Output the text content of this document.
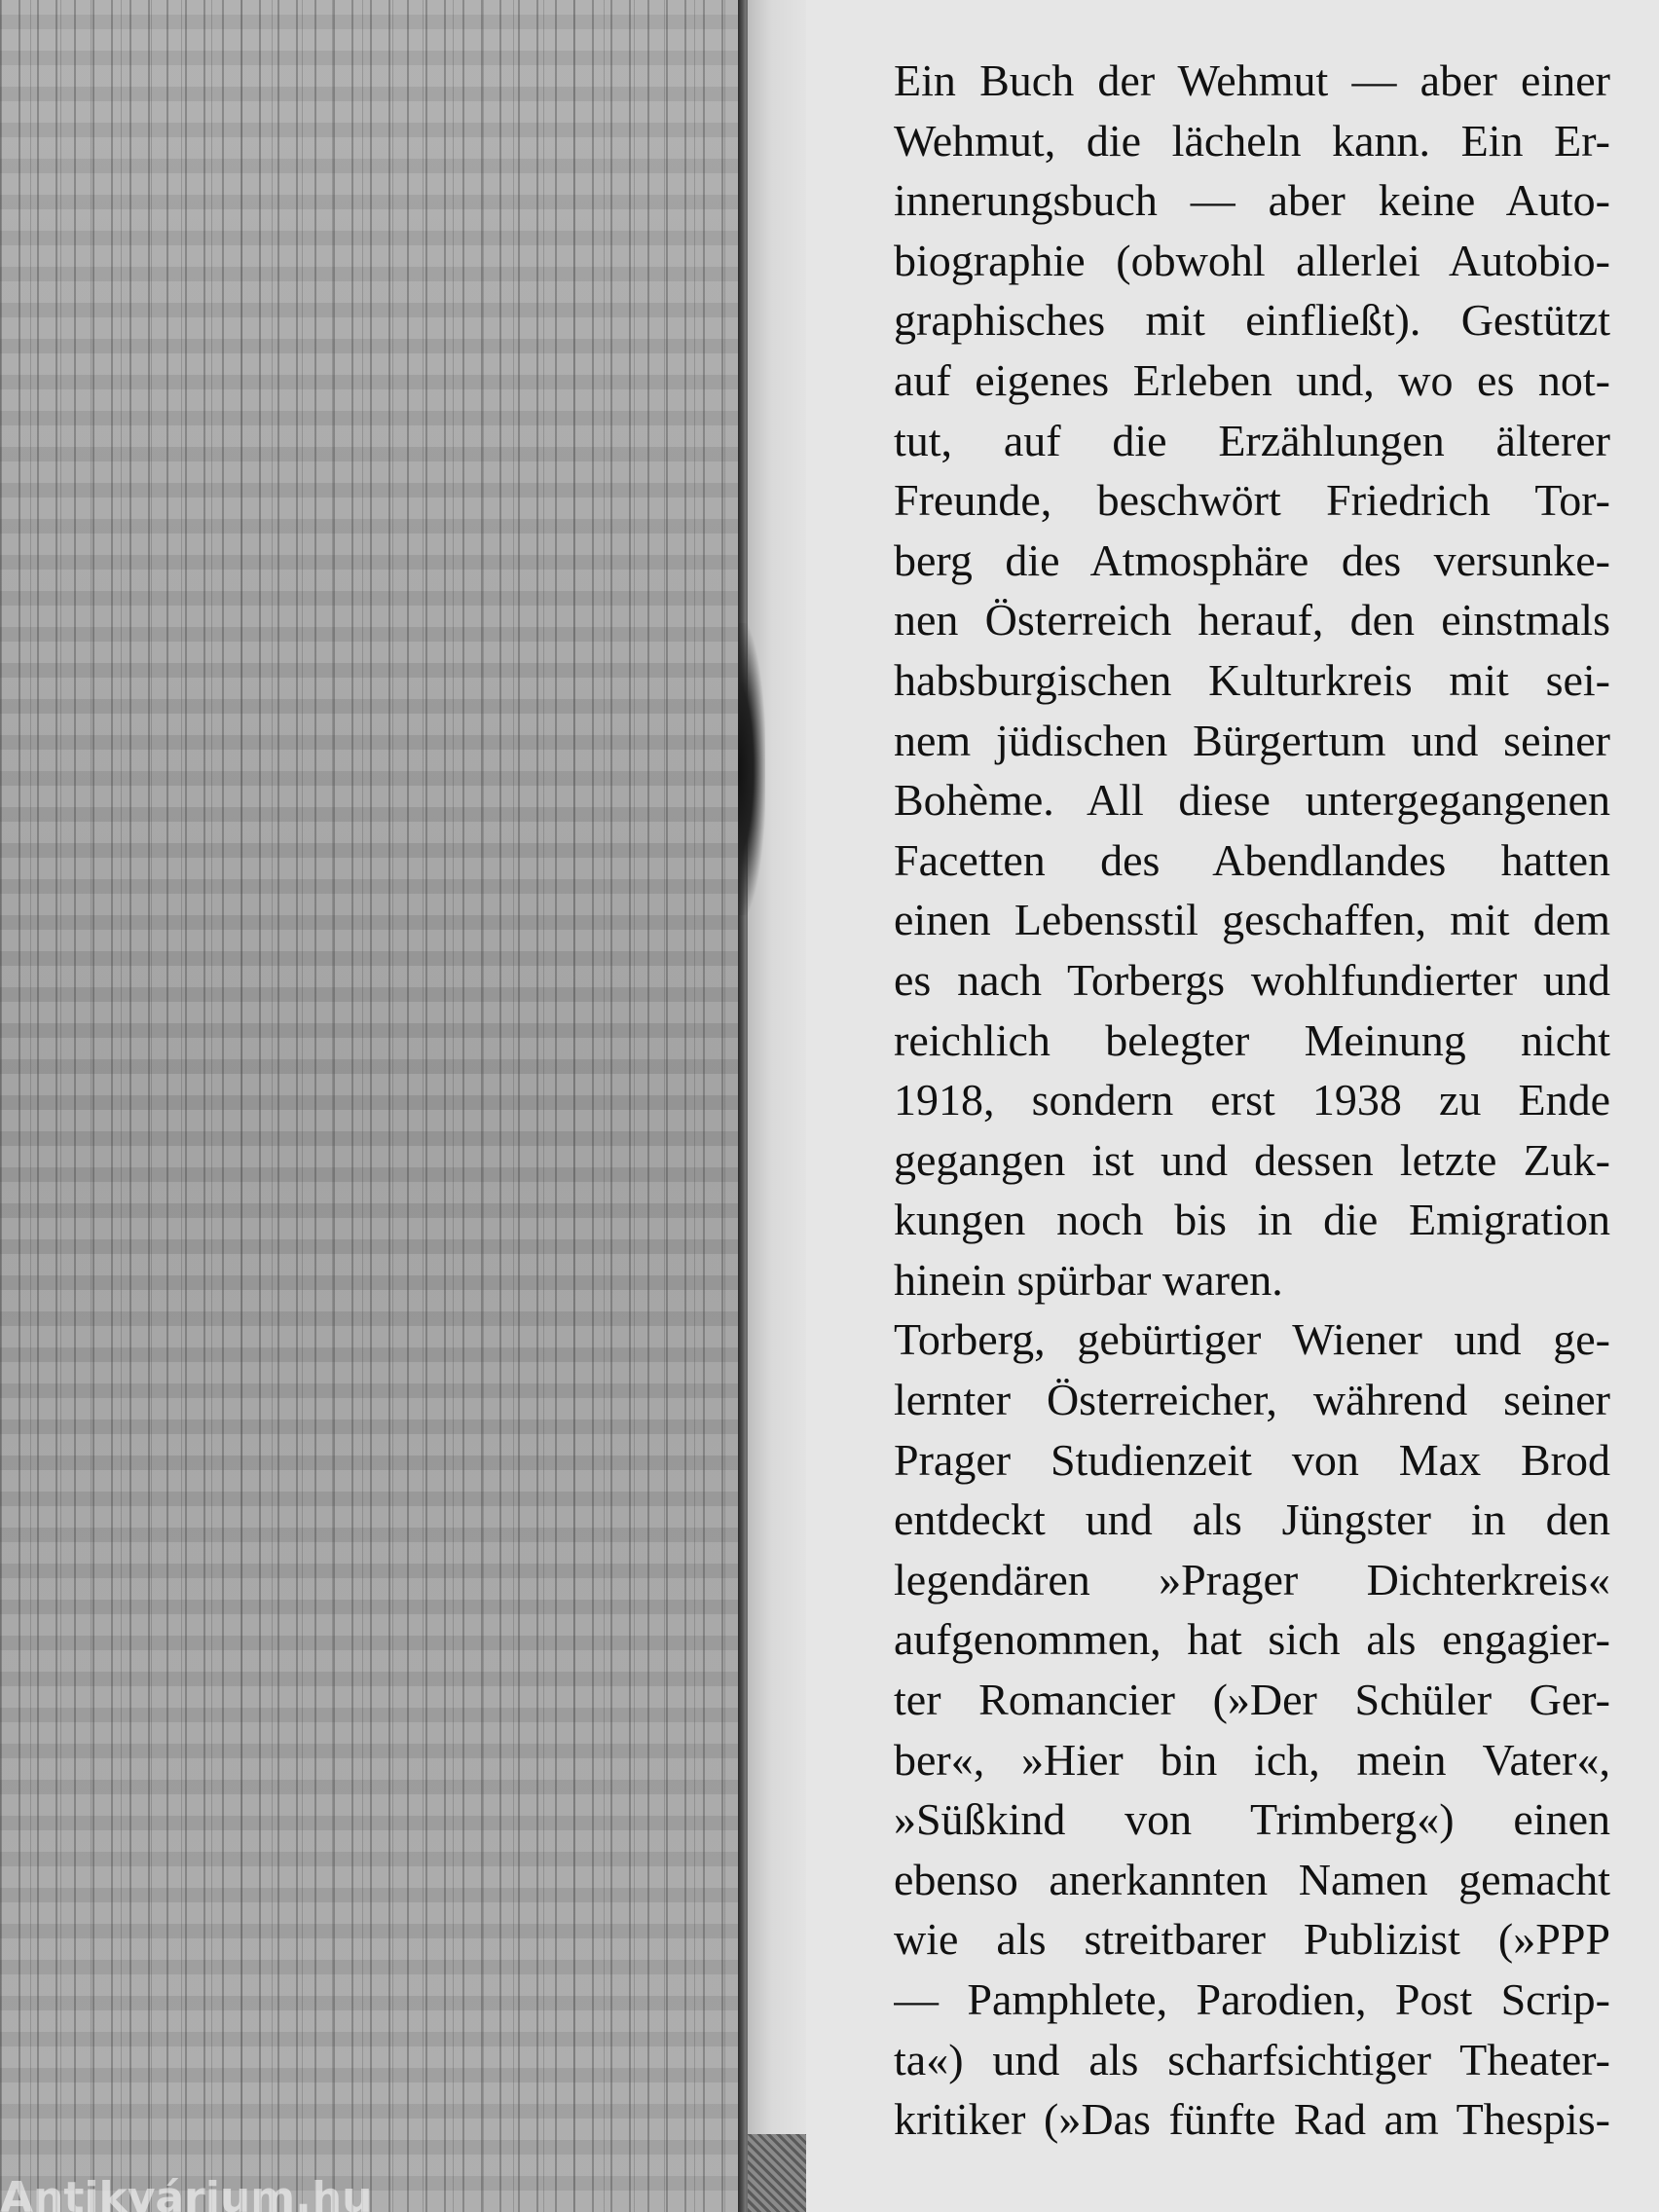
Antikvárium.hu
Ein Buch der Wehmut — aber einer
Wehmut, die lächeln kann. Ein Er-
innerungsbuch — aber keine Auto-
biographie (obwohl allerlei Autobio-
graphisches mit einfließt). Gestützt
auf eigenes Erleben und, wo es not-
tut, auf die Erzählungen älterer
Freunde, beschwört Friedrich Tor-
berg die Atmosphäre des versunke-
nen Österreich herauf, den einstmals
habsburgischen Kulturkreis mit sei-
nem jüdischen Bürgertum und seiner
Bohème. All diese untergegangenen
Facetten des Abendlandes hatten
einen Lebensstil geschaffen, mit dem
es nach Torbergs wohlfundierter und
reichlich belegter Meinung nicht
1918, sondern erst 1938 zu Ende
gegangen ist und dessen letzte Zuk-
kungen noch bis in die Emigration
hinein spürbar waren.
Torberg, gebürtiger Wiener und ge-
lernter Österreicher, während seiner
Prager Studienzeit von Max Brod
entdeckt und als Jüngster in den
legendären »Prager Dichterkreis«
aufgenommen, hat sich als engagier-
ter Romancier (»Der Schüler Ger-
ber«, »Hier bin ich, mein Vater«,
»Süßkind von Trimberg«) einen
ebenso anerkannten Namen gemacht
wie als streitbarer Publizist (»PPP
— Pamphlete, Parodien, Post Scrip-
ta«) und als scharfsichtiger Theater-
kritiker (»Das fünfte Rad am Thespis-
